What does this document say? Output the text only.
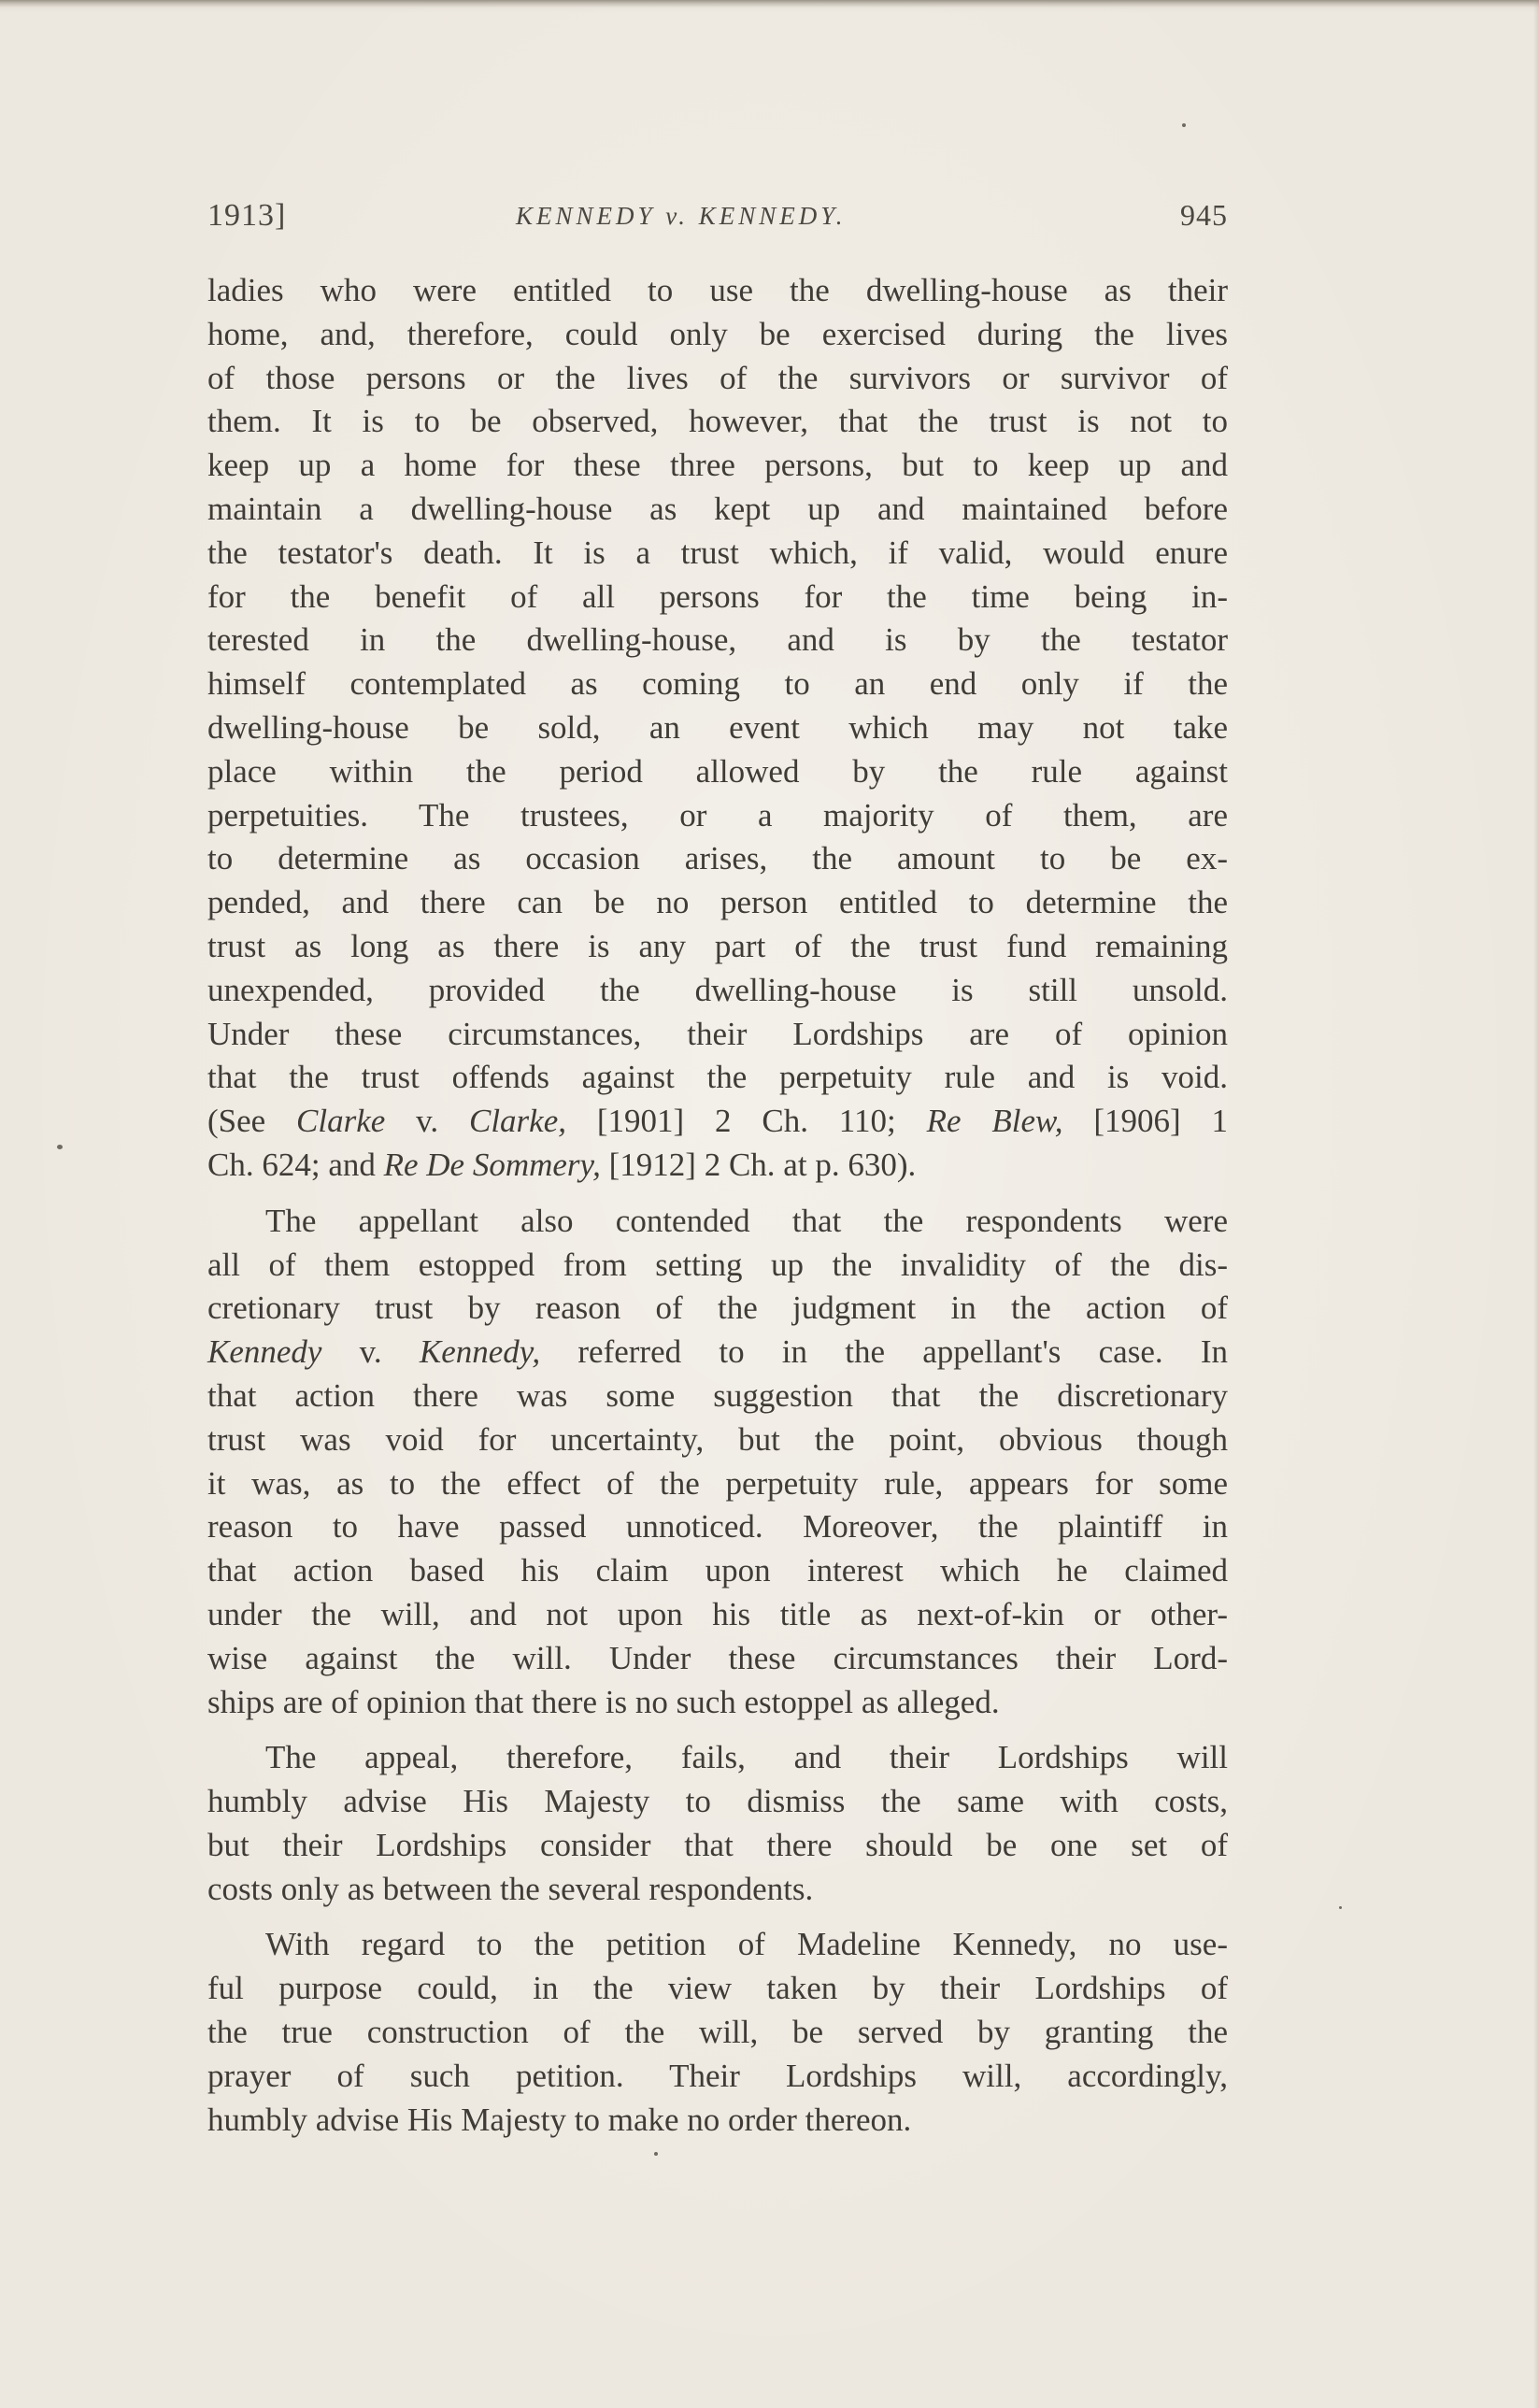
1913]	KENNEDY v. KENNEDY.	945
ladies who were entitled to use the dwelling-house as their
home, and, therefore, could only be exercised during the lives
of those persons or the lives of the survivors or survivor of
them. It is to be observed, however, that the trust is not to
keep up a home for these three persons, but to keep up and
maintain a dwelling-house as kept up and maintained before
the testator's death. It is a trust which, if valid, would enure
for the benefit of all persons for the time being in-
terested in the dwelling-house, and is by the testator
himself contemplated as coming to an end only if the
dwelling-house be sold, an event which may not take
place within the period allowed by the rule against
perpetuities. The trustees, or a majority of them, are
to determine as occasion arises, the amount to be ex-
pended, and there can be no person entitled to determine the
trust as long as there is any part of the trust fund remaining
unexpended, provided the dwelling-house is still unsold.
Under these circumstances, their Lordships are of opinion
that the trust offends against the perpetuity rule and is void.
(See Clarke v. Clarke, [1901] 2 Ch. 110; Re Blew, [1906] 1
Ch. 624; and Re De Sommery, [1912] 2 Ch. at p. 630).
The appellant also contended that the respondents were
all of them estopped from setting up the invalidity of the dis-
cretionary trust by reason of the judgment in the action of
Kennedy v. Kennedy, referred to in the appellant's case. In
that action there was some suggestion that the discretionary
trust was void for uncertainty, but the point, obvious though
it was, as to the effect of the perpetuity rule, appears for some
reason to have passed unnoticed. Moreover, the plaintiff in
that action based his claim upon interest which he claimed
under the will, and not upon his title as next-of-kin or other-
wise against the will. Under these circumstances their Lord-
ships are of opinion that there is no such estoppel as alleged.
The appeal, therefore, fails, and their Lordships will
humbly advise His Majesty to dismiss the same with costs,
but their Lordships consider that there should be one set of
costs only as between the several respondents.
With regard to the petition of Madeline Kennedy, no use-
ful purpose could, in the view taken by their Lordships of
the true construction of the will, be served by granting the
prayer of such petition. Their Lordships will, accordingly,
humbly advise His Majesty to make no order thereon.
